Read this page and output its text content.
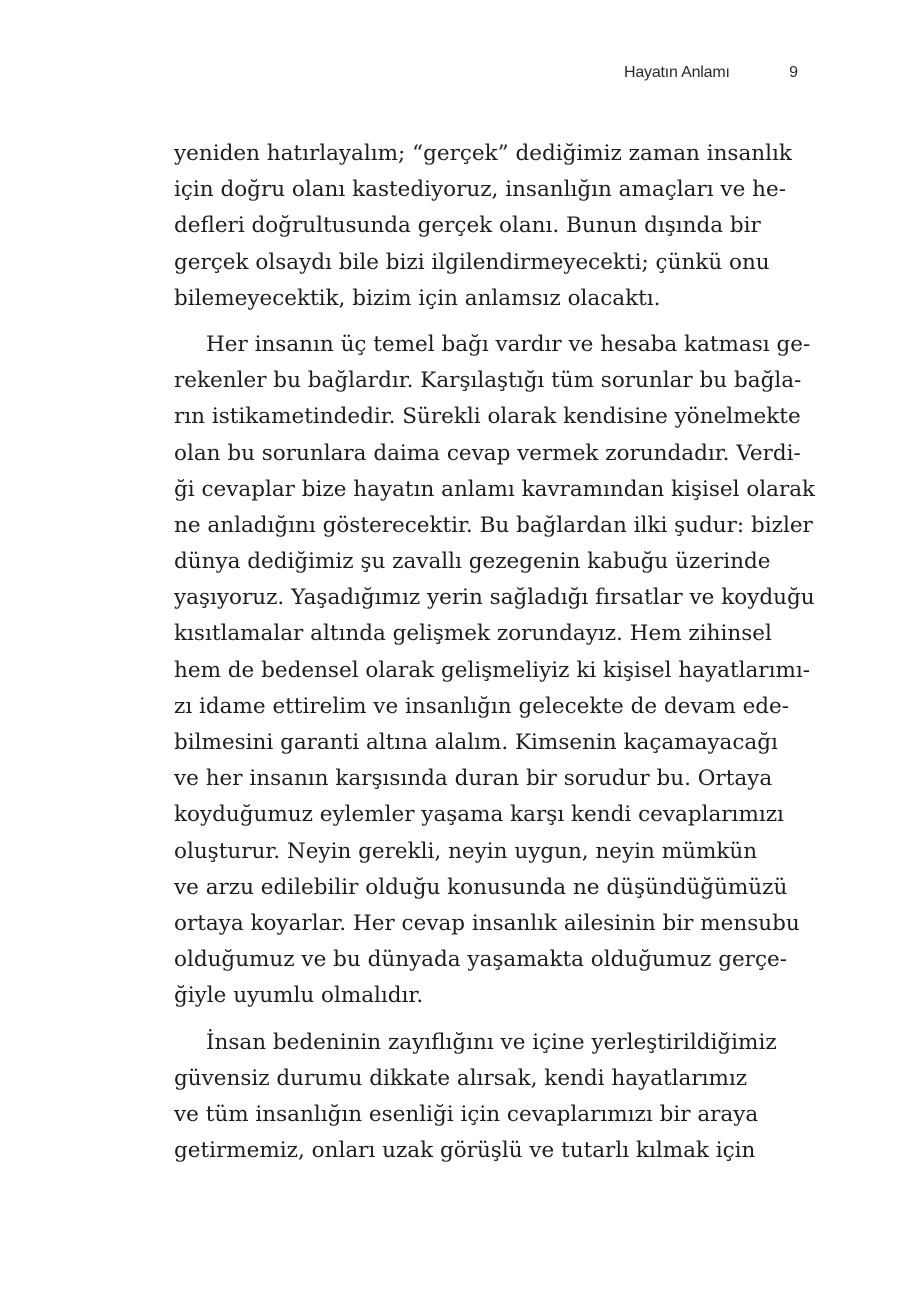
Hayatın Anlamı	9
yeniden hatırlayalım; “gerçek” dediğimiz zaman insanlık
için doğru olanı kastediyoruz, insanlığın amaçları ve he-
defleri doğrultusunda gerçek olanı. Bunun dışında bir
gerçek olsaydı bile bizi ilgilendirmeyecekti; çünkü onu
bilemeyecektik, bizim için anlamsız olacaktı.
Her insanın üç temel bağı vardır ve hesaba katması ge-
rekenler bu bağlardır. Karşılaştığı tüm sorunlar bu bağla-
rın istikametindedir. Sürekli olarak kendisine yönelmekte
olan bu sorunlara daima cevap vermek zorundadır. Verdi-
ği cevaplar bize hayatın anlamı kavramından kişisel olarak
ne anladığını gösterecektir. Bu bağlardan ilki şudur: bizler
dünya dediğimiz şu zavallı gezegenin kabuğu üzerinde
yaşıyoruz. Yaşadığımız yerin sağladığı fırsatlar ve koyduğu
kısıtlamalar altında gelişmek zorundayız. Hem zihinsel
hem de bedensel olarak gelişmeliyiz ki kişisel hayatlarımı-
zı idame ettirelim ve insanlığın gelecekte de devam ede-
bilmesini garanti altına alalım. Kimsenin kaçamayacağı
ve her insanın karşısında duran bir sorudur bu. Ortaya
koyduğumuz eylemler yaşama karşı kendi cevaplarımızı
oluşturur. Neyin gerekli, neyin uygun, neyin mümkün
ve arzu edilebilir olduğu konusunda ne düşündüğümüzü
ortaya koyarlar. Her cevap insanlık ailesinin bir mensubu
olduğumuz ve bu dünyada yaşamakta olduğumuz gerçe-
ğiyle uyumlu olmalıdır.
İnsan bedeninin zayıflığını ve içine yerleştirildiğimiz
güvensiz durumu dikkate alırsak, kendi hayatlarımız
ve tüm insanlığın esenliği için cevaplarımızı bir araya
getirmemiz, onları uzak görüşlü ve tutarlı kılmak için
